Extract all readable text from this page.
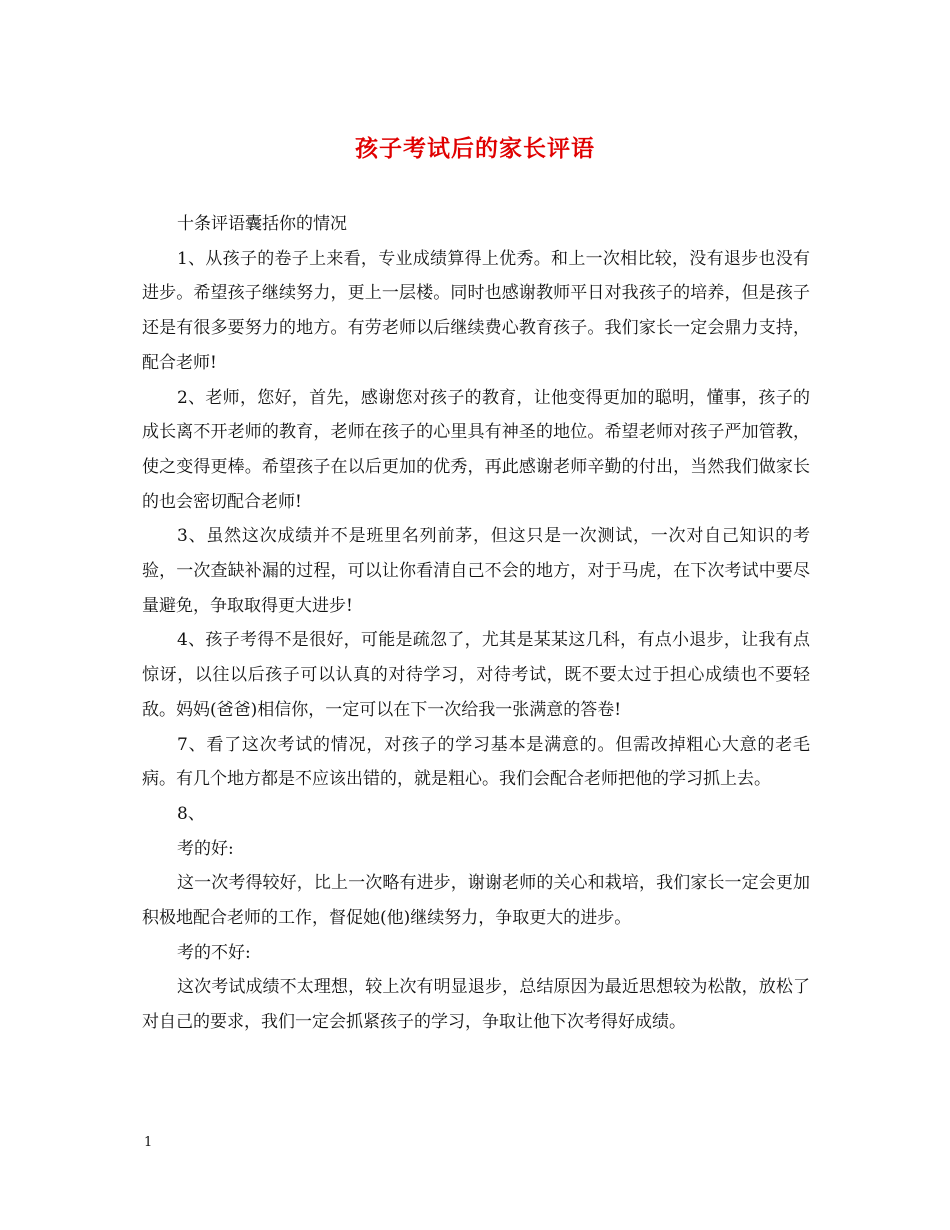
孩子考试后的家长评语

十条评语囊括你的情况

1、从孩子的卷子上来看，专业成绩算得上优秀。和上一次相比较，没有退步也没有进步。希望孩子继续努力，更上一层楼。同时也感谢教师平日对我孩子的培养，但是孩子还是有很多要努力的地方。有劳老师以后继续费心教育孩子。我们家长一定会鼎力支持，配合老师!

2、老师，您好，首先，感谢您对孩子的教育，让他变得更加的聪明，懂事，孩子的成长离不开老师的教育，老师在孩子的心里具有神圣的地位。希望老师对孩子严加管教，使之变得更棒。希望孩子在以后更加的优秀，再此感谢老师辛勤的付出，当然我们做家长的也会密切配合老师!

3、虽然这次成绩并不是班里名列前茅，但这只是一次测试，一次对自己知识的考验，一次查缺补漏的过程，可以让你看清自己不会的地方，对于马虎，在下次考试中要尽量避免，争取取得更大进步!

4、孩子考得不是很好，可能是疏忽了，尤其是某某这几科，有点小退步，让我有点惊讶，以往以后孩子可以认真的对待学习，对待考试，既不要太过于担心成绩也不要轻敌。妈妈(爸爸)相信你，一定可以在下一次给我一张满意的答卷!

7、看了这次考试的情况，对孩子的学习基本是满意的。但需改掉粗心大意的老毛病。有几个地方都是不应该出错的，就是粗心。我们会配合老师把他的学习抓上去。

8、

考的好:

这一次考得较好，比上一次略有进步，谢谢老师的关心和栽培，我们家长一定会更加积极地配合老师的工作，督促她(他)继续努力，争取更大的进步。

考的不好:

这次考试成绩不太理想，较上次有明显退步，总结原因为最近思想较为松散，放松了对自己的要求，我们一定会抓紧孩子的学习，争取让他下次考得好成绩。

1
